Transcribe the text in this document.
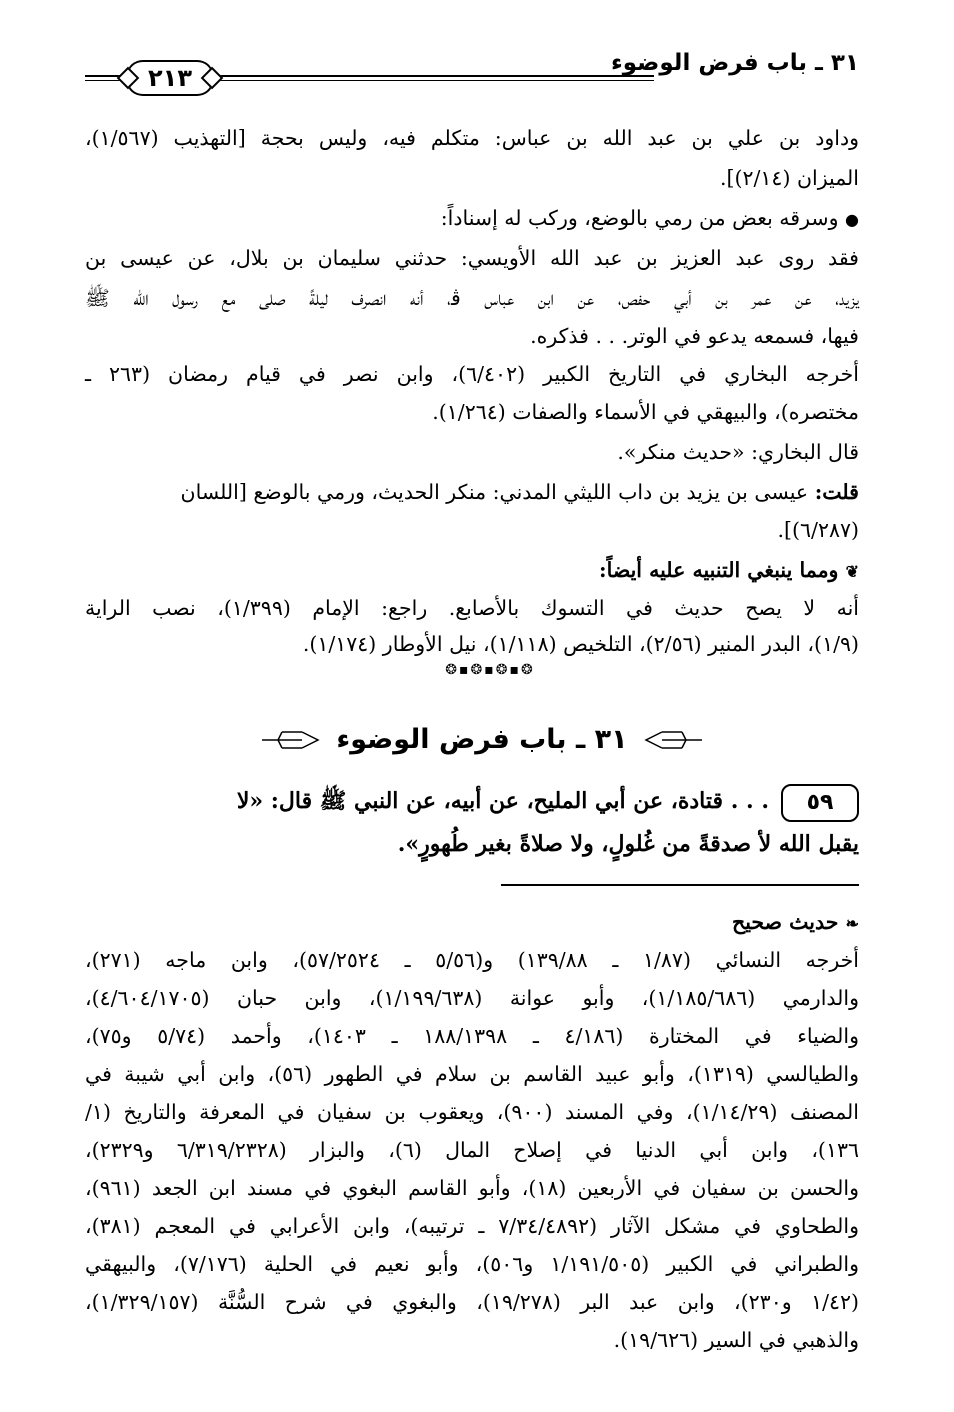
٣١ ـ باب فرض الوضوء
٢١٣
وداود بن علي بن عبد الله بن عباس: متكلم فيه، وليس بحجة [التهذيب (١/٥٦٧)،
الميزان (٢/١٤)].
● وسرقه بعض من رمي بالوضع، وركب له إسناداً:
فقد روى عبد العزيز بن عبد الله الأويسي: حدثني سليمان بن بلال، عن عيسى بن
يزيد، عن عمر بن أبي حفص، عن ابن عباس ﭬ، أنه انصرف ليلةً صلى مع رسول الله ﷺ
فيها، فسمعه يدعو في الوتر. . . فذكره.
أخرجه البخاري في التاريخ الكبير (٦/٤٠٢)، وابن نصر في قيام رمضان (٢٦٣ ـ
مختصره)، والبيهقي في الأسماء والصفات (١/٢٦٤).
قال البخاري: «حديث منكر».
قلت: عيسى بن يزيد بن داب الليثي المدني: منكر الحديث، ورمي بالوضع [اللسان
(٦/٢٨٧)].
❦ ومما ينبغي التنبيه عليه أيضاً:
أنه لا يصح حديث في التسوك بالأصابع. راجع: الإمام (١/٣٩٩)، نصب الراية
(١/٩)، البدر المنير (٢/٥٦)، التلخيص (١/١١٨)، نيل الأوطار (١/١٧٤).
❂▪❂▪❂▪❂
٣١ ـ باب فرض الوضوء
٥٩
. . . قتادة، عن أبي المليح، عن أبيه، عن النبي ﷺ قال: «لا
يقبل الله ﻷ صدقةً من غُلولٍ، ولا صلاةً بغير طُهورٍ».
❧ حديث صحيح
أخرجه النسائي (١/٨٧ ـ ١٣٩/٨٨) و(٥/٥٦ ـ ٥٧/٢٥٢٤)، وابن ماجه (٢٧١)،
والدارمي (١/١٨٥/٦٨٦)، وأبو عوانة (١/١٩٩/٦٣٨)، وابن حبان (٤/٦٠٤/١٧٠٥)،
والضياء في المختارة (٤/١٨٦ ـ ١٨٨/١٣٩٨ ـ ١٤٠٣)، وأحمد (٥/٧٤ و٧٥)،
والطيالسي (١٣١٩)، وأبو عبيد القاسم بن سلام في الطهور (٥٦)، وابن أبي شيبة في
المصنف (١/١٤/٢٩)، وفي المسند (٩٠٠)، ويعقوب بن سفيان في المعرفة والتاريخ (١/
١٣٦)، وابن أبي الدنيا في إصلاح المال (٦)، والبزار (٦/٣١٩/٢٣٢٨ و٢٣٢٩)،
والحسن بن سفيان في الأربعين (١٨)، وأبو القاسم البغوي في مسند ابن الجعد (٩٦١)،
والطحاوي في مشكل الآثار (٧/٣٤/٤٨٩٢ ـ ترتيبه)، وابن الأعرابي في المعجم (٣٨١)،
والطبراني في الكبير (١/١٩١/٥٠٥ و٥٠٦)، وأبو نعيم في الحلية (٧/١٧٦)، والبيهقي
(١/٤٢ و٢٣٠)، وابن عبد البر (١٩/٢٧٨)، والبغوي في شرح السُّنَّة (١/٣٢٩/١٥٧)،
والذهبي في السير (١٩/٦٢٦).
